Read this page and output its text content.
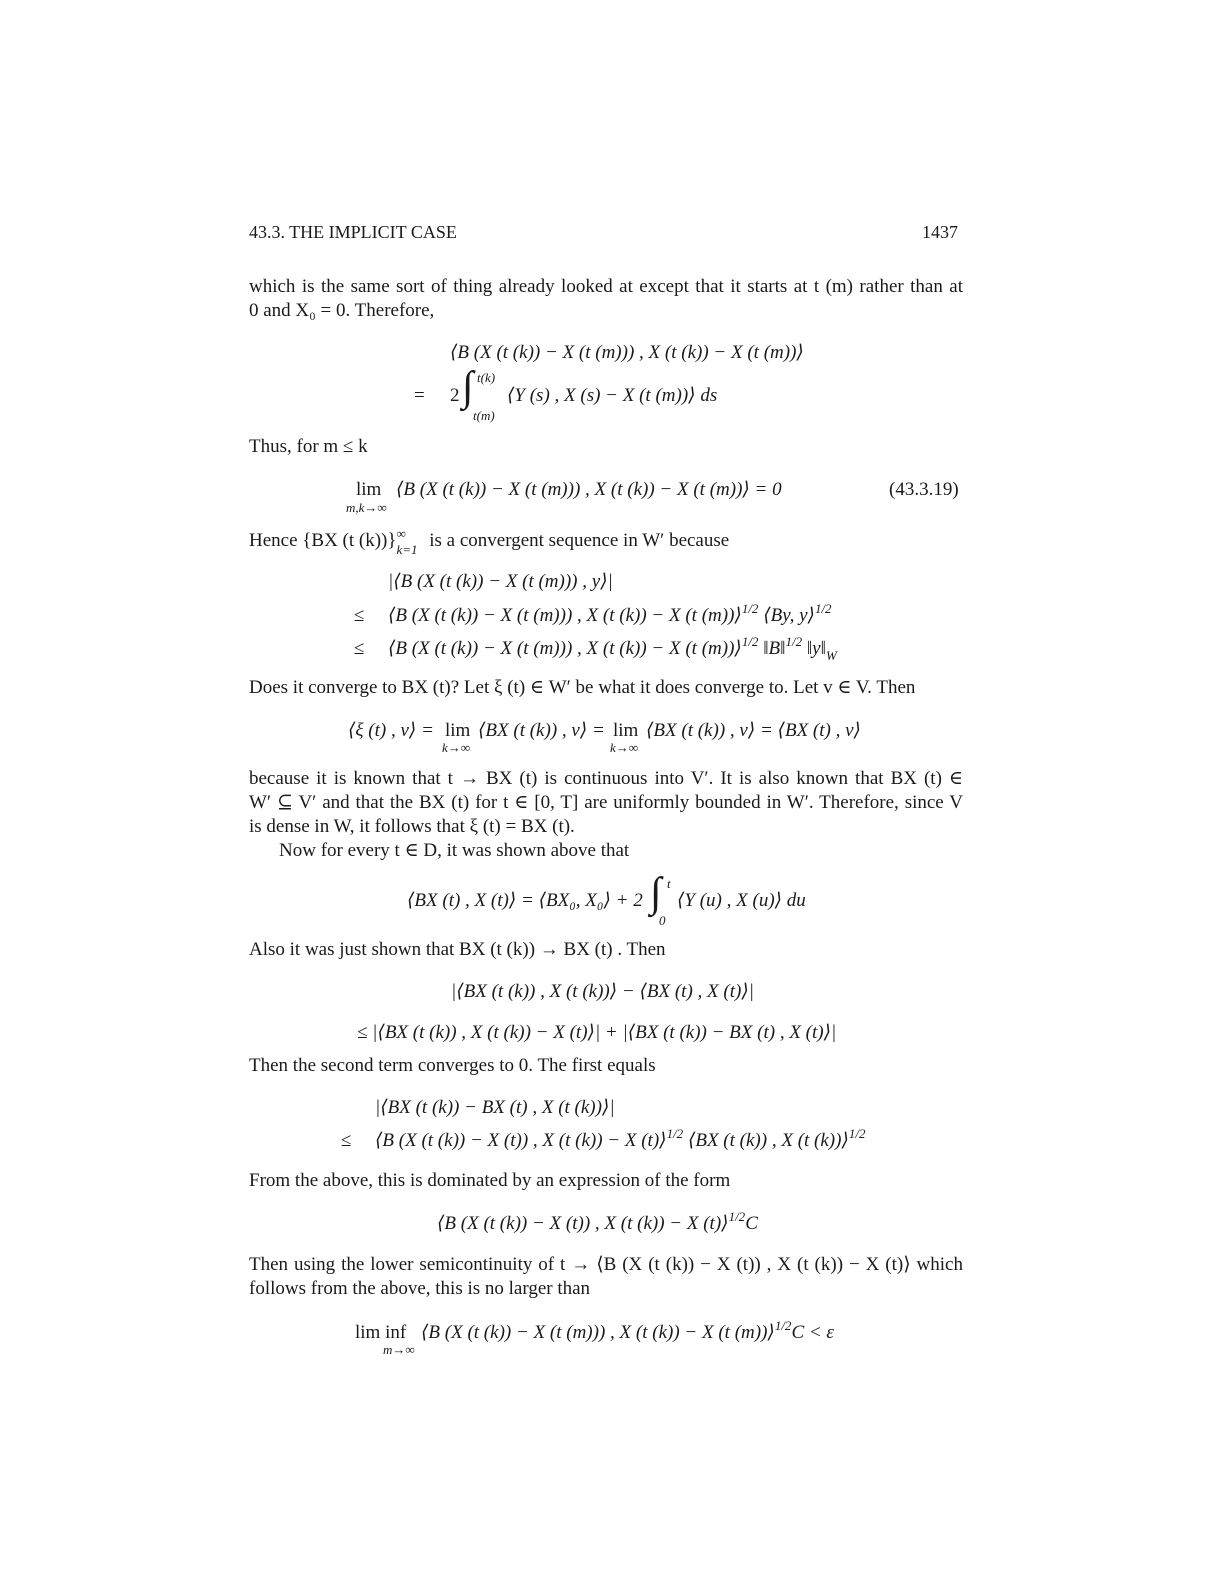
43.3. THE IMPLICIT CASE	1437
which is the same sort of thing already looked at except that it starts at t (m) rather than at
0 and X₀ = 0. Therefore,
⟨B (X (t (k)) − X (t (m))) , X (t (k)) − X (t (m))⟩
= 2 ∫ t(k)
t(m)
⟨Y (s) , X (s) − X (t (m))⟩ ds
Thus, for m ≤ k
lim
m,k→∞
⟨B (X (t (k)) − X (t (m))) , X (t (k)) − X (t (m))⟩ = 0	(43.3.19)
Hence {BX (t (k))} ∞
k=1 is a convergent sequence in W′ because
|⟨B (X (t (k)) − X (t (m))) , y⟩|
≤ ⟨B (X (t (k)) − X (t (m))) , X (t (k)) − X (t (m))⟩$^{1/2}$ ⟨By, y⟩$^{1/2}$
≤ ⟨B (X (t (k)) − X (t (m))) , X (t (k)) − X (t (m))⟩$^{1/2}$ ‖B‖$^{1/2}$ $‖y‖_W$
Does it converge to BX (t)? Let ξ (t) ∈ W′ be what it does converge to. Let v ∈ V. Then
⟨ξ (t) , v⟩ = lim
k→∞
⟨BX (t (k)) , v⟩ = lim
k→∞
⟨BX (t (k)) , v⟩ = ⟨BX (t) , v⟩
because it is known that t → BX (t) is continuous into V′. It is also known that BX (t) ∈
W′ ⊆ V′ and that the BX (t) for t ∈ [0, T] are uniformly bounded in W′. Therefore, since V
is dense in W, it follows that ξ (t) = BX (t).
Now for every t ∈ D, it was shown above that
⟨BX (t) , X (t)⟩ = ⟨BX₀, X₀⟩ + 2 ∫ t
0
⟨Y (u) , X (u)⟩ du
Also it was just shown that BX (t (k)) → BX (t) . Then
|⟨BX (t (k)) , X (t (k))⟩ − ⟨BX (t) , X (t)⟩|
≤ |⟨BX (t (k)) , X (t (k)) − X (t)⟩| + |⟨BX (t (k)) − BX (t) , X (t)⟩|
Then the second term converges to 0. The first equals
|⟨BX (t (k)) − BX (t) , X (t (k))⟩|
≤ ⟨B (X (t (k)) − X (t)) , X (t (k)) − X (t)⟩$^{1/2}$ ⟨BX (t (k)) , X (t (k))⟩$^{1/2}$
From the above, this is dominated by an expression of the form
⟨B (X (t (k)) − X (t)) , X (t (k)) − X (t)⟩$^{1/2}$C
Then using the lower semicontinuity of t → ⟨B (X (t (k)) − X (t)) , X (t (k)) − X (t)⟩ which
follows from the above, this is no larger than
lim inf
m→∞
⟨B (X (t (k)) − X (t (m))) , X (t (k)) − X (t (m))⟩$^{1/2}$C < ε
